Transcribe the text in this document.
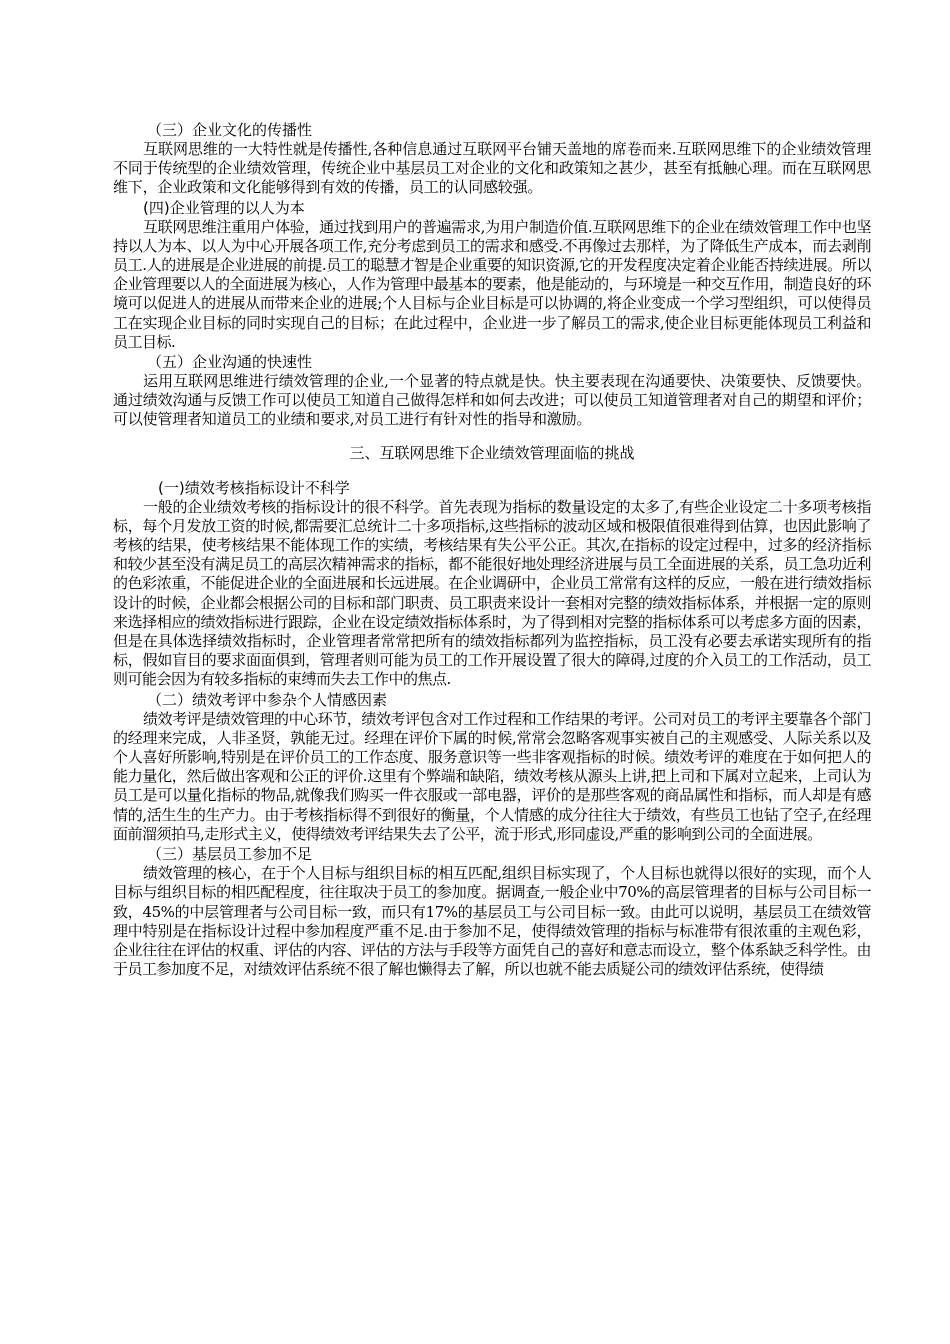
（三）企业文化的传播性

互联网思维的一大特性就是传播性,各种信息通过互联网平台铺天盖地的席卷而来.互联网思维下的企业绩效管理不同于传统型的企业绩效管理，传统企业中基层员工对企业的文化和政策知之甚少，甚至有抵触心理。而在互联网思维下，企业政策和文化能够得到有效的传播，员工的认同感较强。

(四)企业管理的以人为本

互联网思维注重用户体验，通过找到用户的普遍需求,为用户制造价值.互联网思维下的企业在绩效管理工作中也坚持以人为本、以人为中心开展各项工作,充分考虑到员工的需求和感受.不再像过去那样，为了降低生产成本，而去剥削员工.人的进展是企业进展的前提.员工的聪慧才智是企业重要的知识资源,它的开发程度决定着企业能否持续进展。所以企业管理要以人的全面进展为核心，人作为管理中最基本的要素，他是能动的，与环境是一种交互作用，制造良好的环境可以促进人的进展从而带来企业的进展;个人目标与企业目标是可以协调的,将企业变成一个学习型组织，可以使得员工在实现企业目标的同时实现自己的目标；在此过程中，企业进一步了解员工的需求,使企业目标更能体现员工利益和员工目标.

（五）企业沟通的快速性

运用互联网思维进行绩效管理的企业,一个显著的特点就是快。快主要表现在沟通要快、决策要快、反馈要快。通过绩效沟通与反馈工作可以使员工知道自己做得怎样和如何去改进；可以使员工知道管理者对自己的期望和评价；可以使管理者知道员工的业绩和要求,对员工进行有针对性的指导和激励。

三、互联网思维下企业绩效管理面临的挑战

(一)绩效考核指标设计不科学

一般的企业绩效考核的指标设计的很不科学。首先表现为指标的数量设定的太多了,有些企业设定二十多项考核指标，每个月发放工资的时候,都需要汇总统计二十多项指标,这些指标的波动区域和极限值很难得到估算，也因此影响了考核的结果，使考核结果不能体现工作的实绩，考核结果有失公平公正。其次,在指标的设定过程中，过多的经济指标和较少甚至没有满足员工的高层次精神需求的指标，都不能很好地处理经济进展与员工全面进展的关系，员工急功近利的色彩浓重，不能促进企业的全面进展和长远进展。在企业调研中，企业员工常常有这样的反应，一般在进行绩效指标设计的时候，企业都会根据公司的目标和部门职责、员工职责来设计一套相对完整的绩效指标体系，并根据一定的原则来选择相应的绩效指标进行跟踪，企业在设定绩效指标体系时，为了得到相对完整的指标体系可以考虑多方面的因素，但是在具体选择绩效指标时，企业管理者常常把所有的绩效指标都列为监控指标，员工没有必要去承诺实现所有的指标，假如盲目的要求面面俱到，管理者则可能为员工的工作开展设置了很大的障碍,过度的介入员工的工作活动，员工则可能会因为有较多指标的束缚而失去工作中的焦点.

（二）绩效考评中参杂个人情感因素

绩效考评是绩效管理的中心环节，绩效考评包含对工作过程和工作结果的考评。公司对员工的考评主要靠各个部门的经理来完成，人非圣贤，孰能无过。经理在评价下属的时候,常常会忽略客观事实被自己的主观感受、人际关系以及个人喜好所影响,特别是在评价员工的工作态度、服务意识等一些非客观指标的时候。绩效考评的难度在于如何把人的能力量化，然后做出客观和公正的评价.这里有个弊端和缺陷，绩效考核从源头上讲,把上司和下属对立起来，上司认为员工是可以量化指标的物品,就像我们购买一件衣服或一部电器，评价的是那些客观的商品属性和指标，而人却是有感情的,活生生的生产力。由于考核指标得不到很好的衡量，个人情感的成分往往大于绩效，有些员工也钻了空子,在经理面前溜须拍马,走形式主义，使得绩效考评结果失去了公平，流于形式,形同虚设,严重的影响到公司的全面进展。

（三）基层员工参加不足

绩效管理的核心，在于个人目标与组织目标的相互匹配,组织目标实现了，个人目标也就得以很好的实现，而个人目标与组织目标的相匹配程度，往往取决于员工的参加度。据调查,一般企业中70%的高层管理者的目标与公司目标一致，45%的中层管理者与公司目标一致，而只有17%的基层员工与公司目标一致。由此可以说明，基层员工在绩效管理中特别是在指标设计过程中参加程度严重不足.由于参加不足，使得绩效管理的指标与标准带有很浓重的主观色彩，企业往往在评估的权重、评估的内容、评估的方法与手段等方面凭自己的喜好和意志而设立，整个体系缺乏科学性。由于员工参加度不足，对绩效评估系统不很了解也懒得去了解，所以也就不能去质疑公司的绩效评估系统，使得绩
